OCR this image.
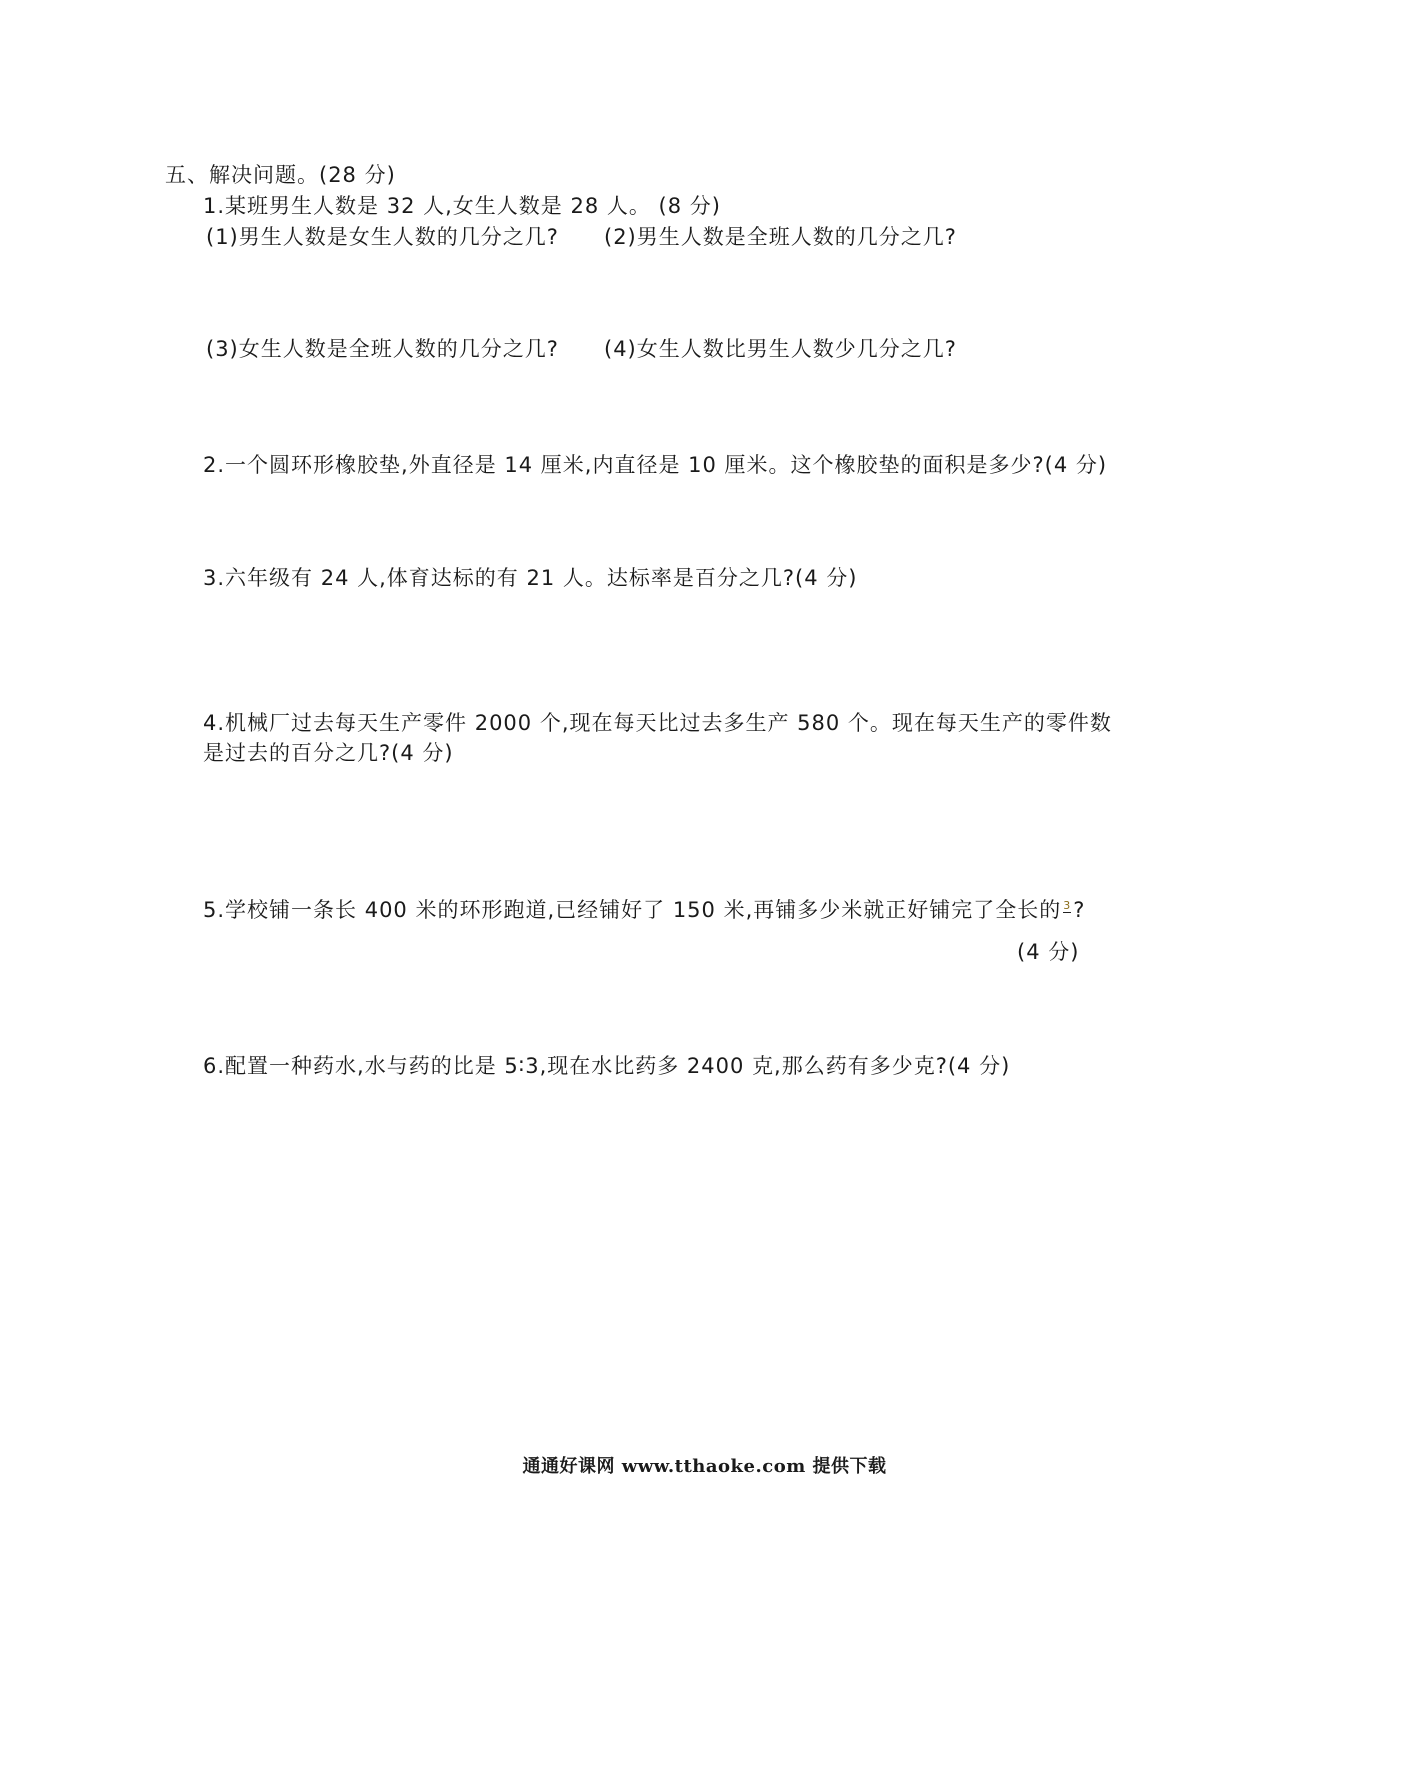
五、解决问题。(28 分)
1.某班男生人数是 32 人,女生人数是 28 人。 (8 分)
(1)男生人数是女生人数的几分之几? (2)男生人数是全班人数的几分之几?
(3)女生人数是全班人数的几分之几? (4)女生人数比男生人数少几分之几?
2.一个圆环形橡胶垫,外直径是 14 厘米,内直径是 10 厘米。这个橡胶垫的面积是多少?(4 分)
3.六年级有 24 人,体育达标的有 21 人。达标率是百分之几?(4 分)
4.机械厂过去每天生产零件 2000 个,现在每天比过去多生产 580 个。现在每天生产的零件数
是过去的百分之几?(4 分)
5.学校铺一条长 400 米的环形跑道,已经铺好了 150 米,再铺多少米就正好铺完了全长的 3 ?
(4 分)
6.配置一种药水,水与药的比是 5∶3,现在水比药多 2400 克,那么药有多少克?(4 分)
通通好课网 www.tthaoke.com 提供下载
